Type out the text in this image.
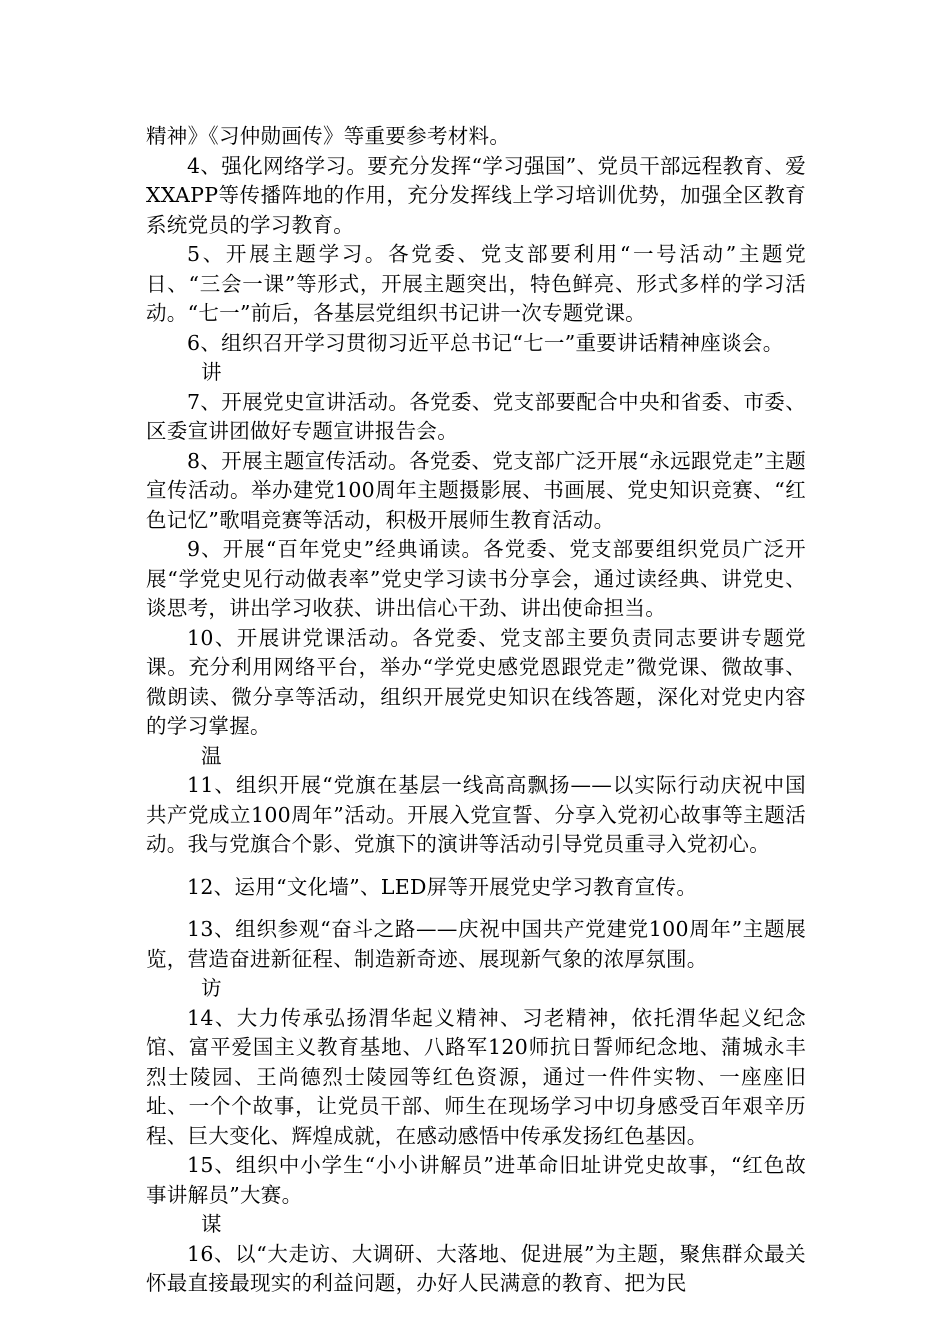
精神》《习仲勋画传》等重要参考材料。

4、强化网络学习。要充分发挥“学习强国”、党员干部远程教育、爱XXAPP等传播阵地的作用，充分发挥线上学习培训优势，加强全区教育系统党员的学习教育。

5、开展主题学习。各党委、党支部要利用“一号活动”主题党日、“三会一课”等形式，开展主题突出，特色鲜亮、形式多样的学习活动。“七一”前后，各基层党组织书记讲一次专题党课。

6、组织召开学习贯彻习近平总书记“七一”重要讲话精神座谈会。

讲

7、开展党史宣讲活动。各党委、党支部要配合中央和省委、市委、区委宣讲团做好专题宣讲报告会。

8、开展主题宣传活动。各党委、党支部广泛开展“永远跟党走”主题宣传活动。举办建党100周年主题摄影展、书画展、党史知识竞赛、“红色记忆”歌唱竞赛等活动，积极开展师生教育活动。

9、开展“百年党史”经典诵读。各党委、党支部要组织党员广泛开展“学党史见行动做表率”党史学习读书分享会，通过读经典、讲党史、谈思考，讲出学习收获、讲出信心干劲、讲出使命担当。

10、开展讲党课活动。各党委、党支部主要负责同志要讲专题党课。充分利用网络平台，举办“学党史感党恩跟党走”微党课、微故事、微朗读、微分享等活动，组织开展党史知识在线答题，深化对党史内容的学习掌握。

温

11、组织开展“党旗在基层一线高高飘扬——以实际行动庆祝中国共产党成立100周年”活动。开展入党宣誓、分享入党初心故事等主题活动。我与党旗合个影、党旗下的演讲等活动引导党员重寻入党初心。

12、运用“文化墙”、LED屏等开展党史学习教育宣传。

13、组织参观“奋斗之路——庆祝中国共产党建党100周年”主题展览，营造奋进新征程、制造新奇迹、展现新气象的浓厚氛围。

访

14、大力传承弘扬渭华起义精神、习老精神，依托渭华起义纪念馆、富平爱国主义教育基地、八路军120师抗日誓师纪念地、蒲城永丰烈士陵园、王尚德烈士陵园等红色资源，通过一件件实物、一座座旧址、一个个故事，让党员干部、师生在现场学习中切身感受百年艰辛历程、巨大变化、辉煌成就，在感动感悟中传承发扬红色基因。

15、组织中小学生“小小讲解员”进革命旧址讲党史故事，“红色故事讲解员”大赛。

谋

16、以“大走访、大调研、大落地、促进展”为主题，聚焦群众最关怀最直接最现实的利益问题，办好人民满意的教育、把为民
